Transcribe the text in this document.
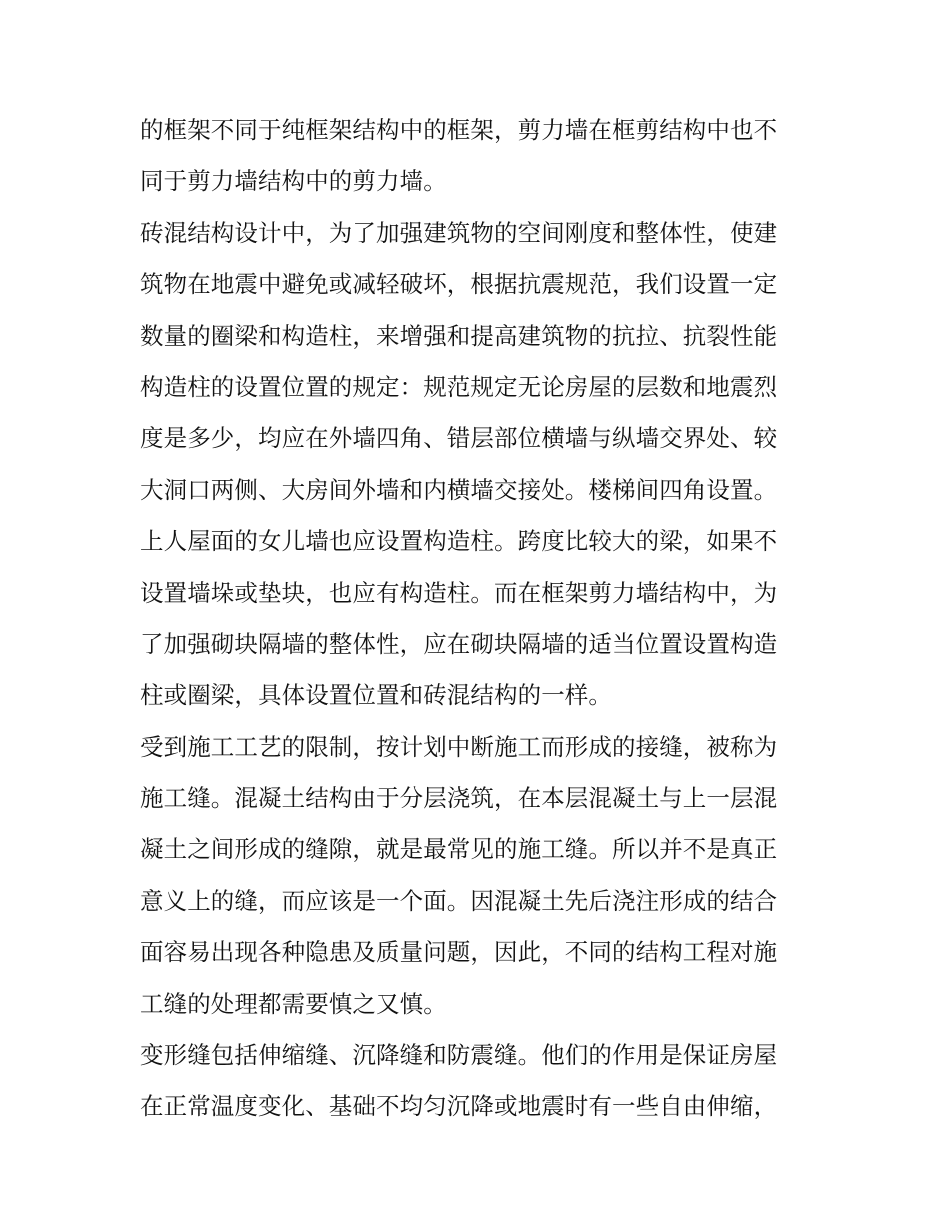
的框架不同于纯框架结构中的框架，剪力墙在框剪结构中也不
同于剪力墙结构中的剪力墙。
砖混结构设计中，为了加强建筑物的空间刚度和整体性，使建
筑物在地震中避免或减轻破坏，根据抗震规范，我们设置一定
数量的圈梁和构造柱，来增强和提高建筑物的抗拉、抗裂性能
构造柱的设置位置的规定：规范规定无论房屋的层数和地震烈
度是多少，均应在外墙四角、错层部位横墙与纵墙交界处、较
大洞口两侧、大房间外墙和内横墙交接处。楼梯间四角设置。
上人屋面的女儿墙也应设置构造柱。跨度比较大的梁，如果不
设置墙垛或垫块，也应有构造柱。而在框架剪力墙结构中，为
了加强砌块隔墙的整体性，应在砌块隔墙的适当位置设置构造
柱或圈梁，具体设置位置和砖混结构的一样。
受到施工工艺的限制，按计划中断施工而形成的接缝，被称为
施工缝。混凝土结构由于分层浇筑，在本层混凝土与上一层混
凝土之间形成的缝隙，就是最常见的施工缝。所以并不是真正
意义上的缝，而应该是一个面。因混凝土先后浇注形成的结合
面容易出现各种隐患及质量问题，因此，不同的结构工程对施
工缝的处理都需要慎之又慎。
变形缝包括伸缩缝、沉降缝和防震缝。他们的作用是保证房屋
在正常温度变化、基础不均匀沉降或地震时有一些自由伸缩，
